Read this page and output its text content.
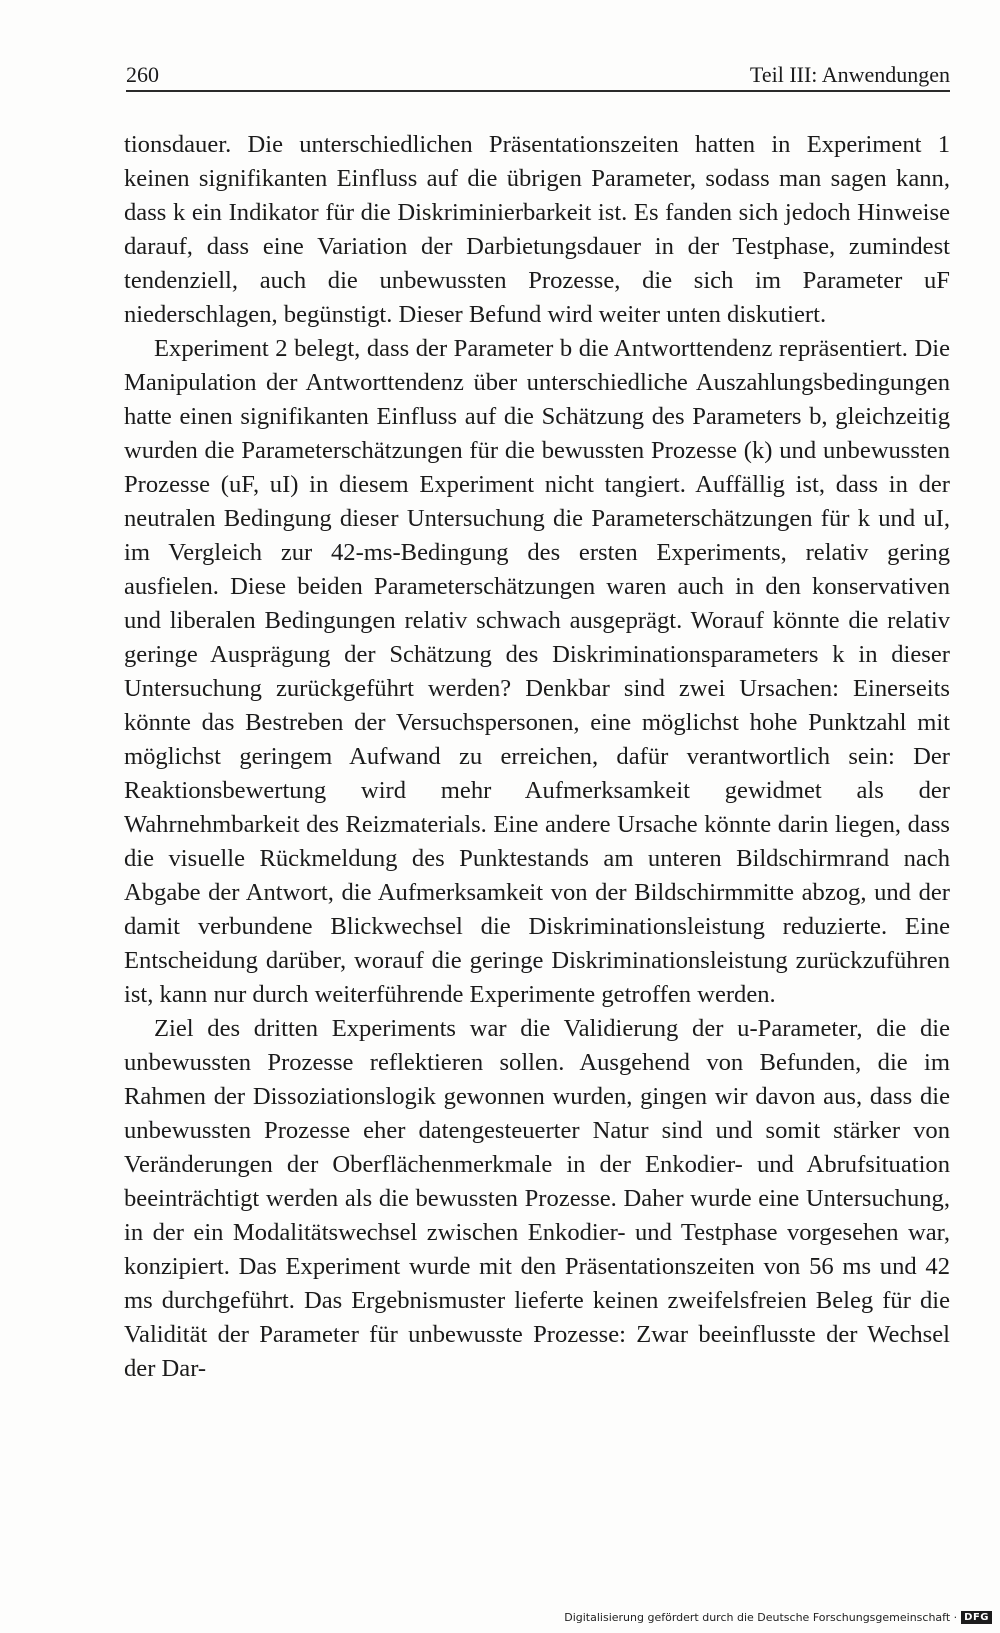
260	Teil III: Anwendungen

tionsdauer. Die unterschiedlichen Präsentationszeiten hatten in Experiment 1 keinen signifikanten Einfluss auf die übrigen Parameter, sodass man sagen kann, dass k ein Indikator für die Diskriminierbarkeit ist. Es fanden sich jedoch Hinweise darauf, dass eine Variation der Darbietungsdauer in der Testphase, zumindest tendenziell, auch die unbewussten Prozesse, die sich im Parameter uF niederschlagen, begünstigt. Dieser Befund wird weiter unten diskutiert.

Experiment 2 belegt, dass der Parameter b die Antworttendenz repräsentiert. Die Manipulation der Antworttendenz über unterschiedliche Auszahlungsbedingungen hatte einen signifikanten Einfluss auf die Schätzung des Parameters b, gleichzeitig wurden die Parameterschätzungen für die bewussten Prozesse (k) und unbewussten Prozesse (uF, uI) in diesem Experiment nicht tangiert. Auffällig ist, dass in der neutralen Bedingung dieser Untersuchung die Parameterschätzungen für k und uI, im Vergleich zur 42-ms-Bedingung des ersten Experiments, relativ gering ausfielen. Diese beiden Parameterschätzungen waren auch in den konservativen und liberalen Bedingungen relativ schwach ausgeprägt. Worauf könnte die relativ geringe Ausprägung der Schätzung des Diskriminationsparameters k in dieser Untersuchung zurückgeführt werden? Denkbar sind zwei Ursachen: Einerseits könnte das Bestreben der Versuchspersonen, eine möglichst hohe Punktzahl mit möglichst geringem Aufwand zu erreichen, dafür verantwortlich sein: Der Reaktionsbewertung wird mehr Aufmerksamkeit gewidmet als der Wahrnehmbarkeit des Reizmaterials. Eine andere Ursache könnte darin liegen, dass die visuelle Rückmeldung des Punktestands am unteren Bildschirmrand nach Abgabe der Antwort, die Aufmerksamkeit von der Bildschirmmitte abzog, und der damit verbundene Blickwechsel die Diskriminationsleistung reduzierte. Eine Entscheidung darüber, worauf die geringe Diskriminationsleistung zurückzuführen ist, kann nur durch weiterführende Experimente getroffen werden.

Ziel des dritten Experiments war die Validierung der u-Parameter, die die unbewussten Prozesse reflektieren sollen. Ausgehend von Befunden, die im Rahmen der Dissoziationslogik gewonnen wurden, gingen wir davon aus, dass die unbewussten Prozesse eher datengesteuerter Natur sind und somit stärker von Veränderungen der Oberflächenmerkmale in der Enkodier- und Abrufsituation beeinträchtigt werden als die bewussten Prozesse. Daher wurde eine Untersuchung, in der ein Modalitätswechsel zwischen Enkodier- und Testphase vorgesehen war, konzipiert. Das Experiment wurde mit den Präsentationszeiten von 56 ms und 42 ms durchgeführt. Das Ergebnismuster lieferte keinen zweifelsfreien Beleg für die Validität der Parameter für unbewusste Prozesse: Zwar beeinflusste der Wechsel der Dar-

Digitalisierung gefördert durch die Deutsche Forschungsgemeinschaft · DFG
